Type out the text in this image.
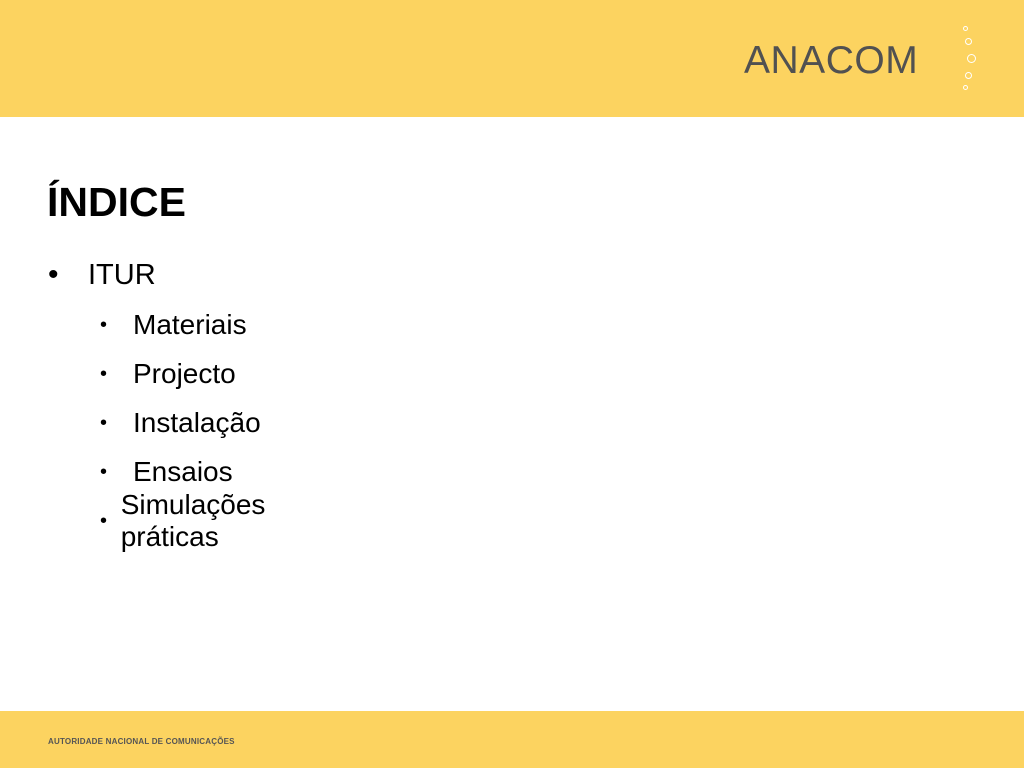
ANACOM
ÍNDICE
•	ITUR
• Materiais
• Projecto
• Instalação
• Ensaios
•
Simulações práticas
AUTORIDADE NACIONAL DE COMUNICAÇÕES
